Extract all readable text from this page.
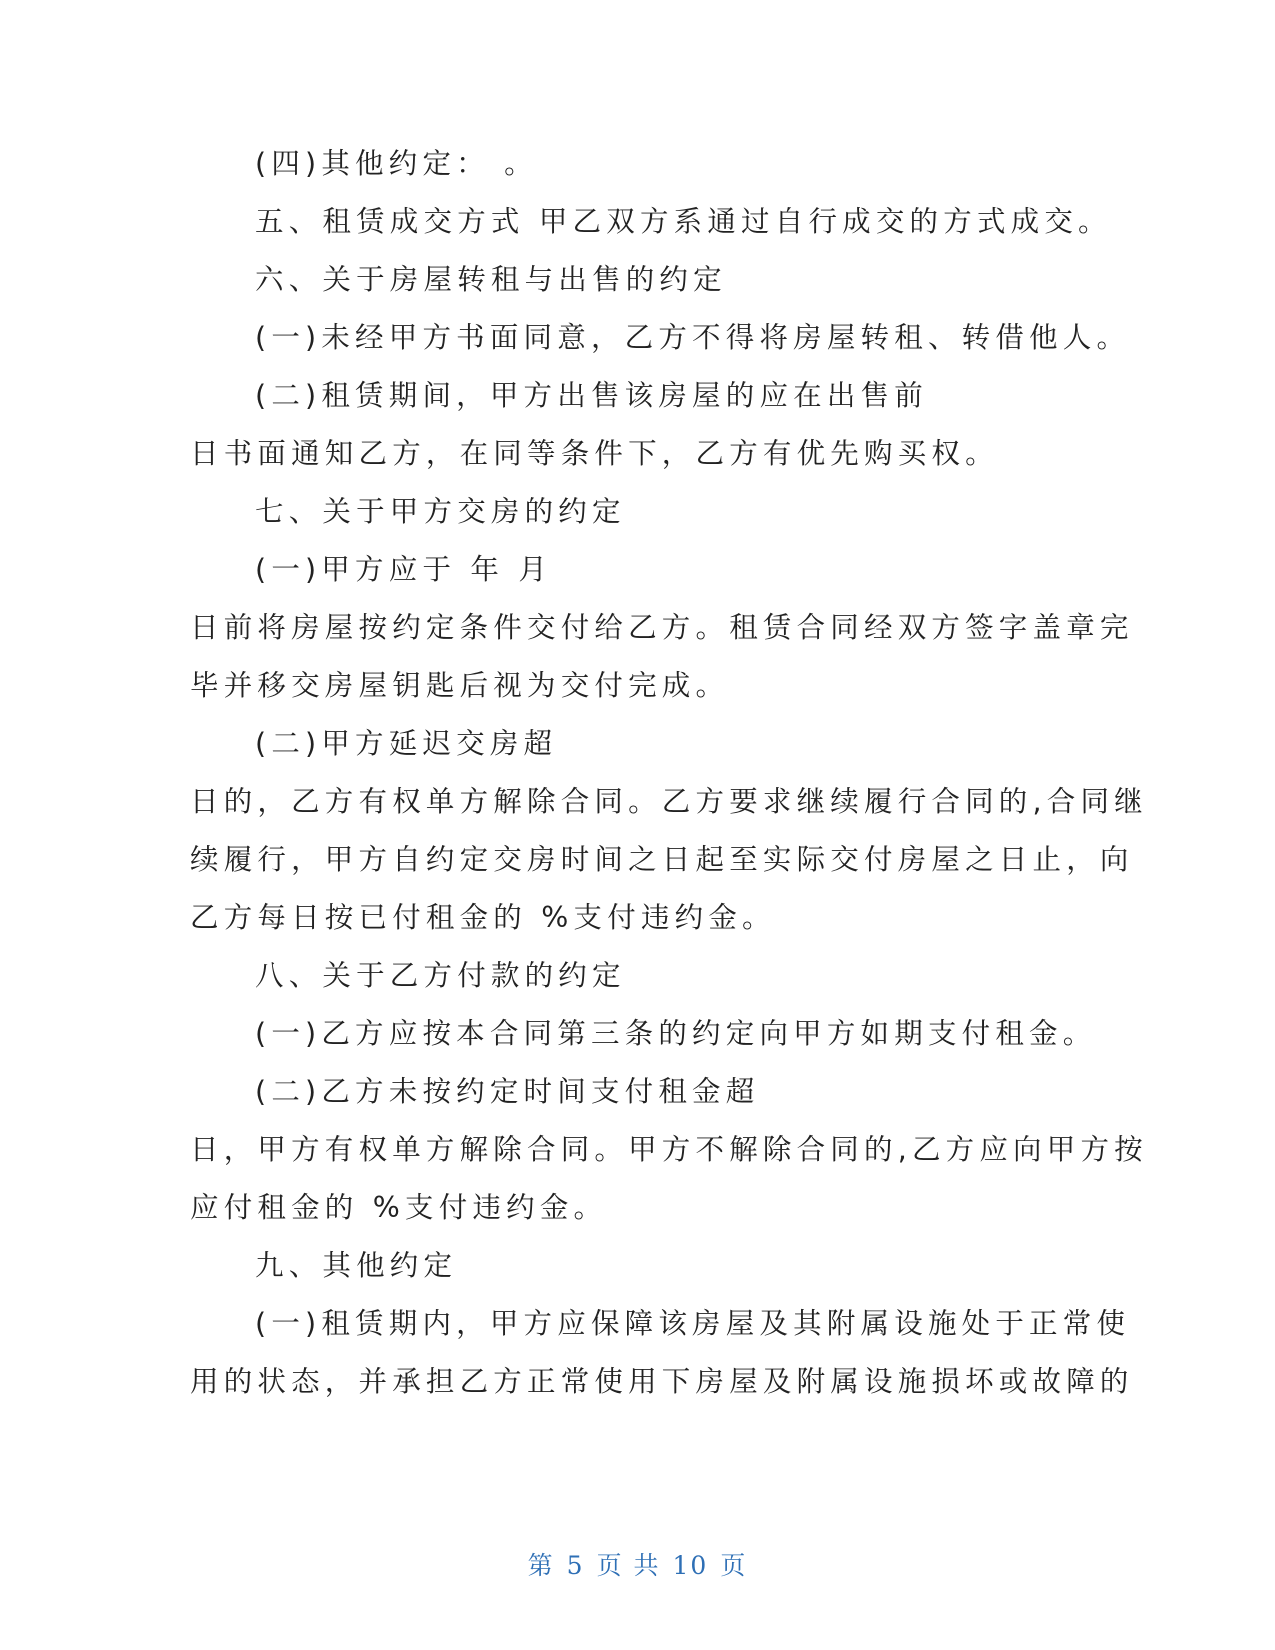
(四)其他约定： 。
五、租赁成交方式 甲乙双方系通过自行成交的方式成交。
六、关于房屋转租与出售的约定
(一)未经甲方书面同意，乙方不得将房屋转租、转借他人。
(二)租赁期间，甲方出售该房屋的应在出售前
日书面通知乙方，在同等条件下，乙方有优先购买权。
七、关于甲方交房的约定
(一)甲方应于 年 月
日前将房屋按约定条件交付给乙方。租赁合同经双方签字盖章完
毕并移交房屋钥匙后视为交付完成。
(二)甲方延迟交房超
日的，乙方有权单方解除合同。乙方要求继续履行合同的,合同继
续履行，甲方自约定交房时间之日起至实际交付房屋之日止，向
乙方每日按已付租金的 %支付违约金。
八、关于乙方付款的约定
(一)乙方应按本合同第三条的约定向甲方如期支付租金。
(二)乙方未按约定时间支付租金超
日，甲方有权单方解除合同。甲方不解除合同的,乙方应向甲方按
应付租金的 %支付违约金。
九、其他约定
(一)租赁期内，甲方应保障该房屋及其附属设施处于正常使
用的状态，并承担乙方正常使用下房屋及附属设施损坏或故障的
第 5 页 共 10 页
